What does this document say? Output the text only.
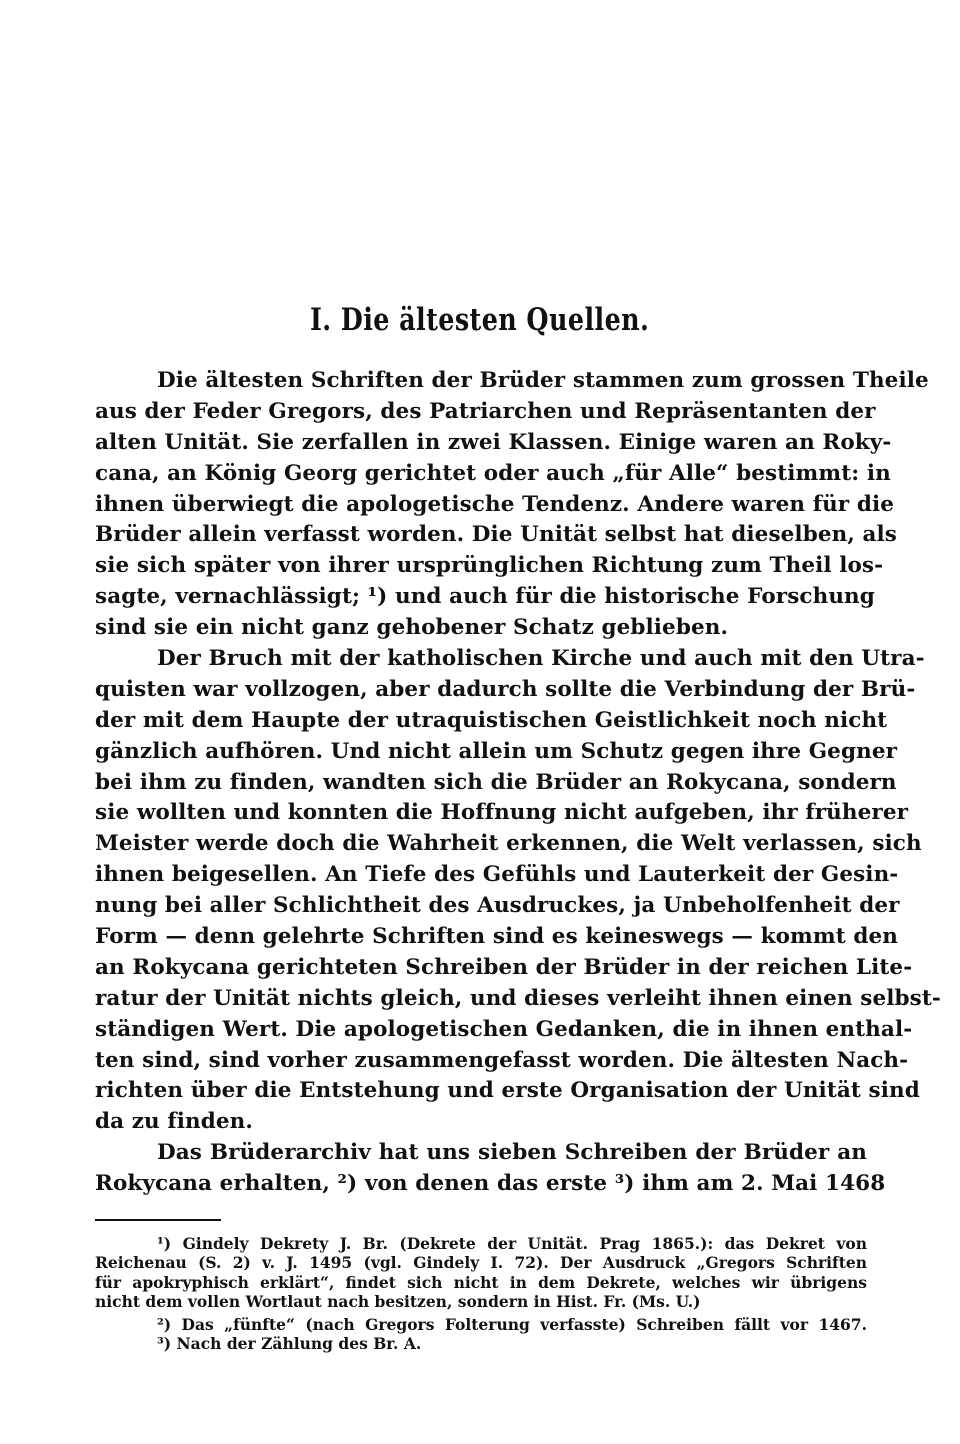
I. Die ältesten Quellen.
Die ältesten Schriften der Brüder stammen zum grossen Theile
aus der Feder Gregors, des Patriarchen und Repräsentanten der
alten Unität. Sie zerfallen in zwei Klassen. Einige waren an Roky-
cana, an König Georg gerichtet oder auch „für Alle“ bestimmt: in
ihnen überwiegt die apologetische Tendenz. Andere waren für die
Brüder allein verfasst worden. Die Unität selbst hat dieselben, als
sie sich später von ihrer ursprünglichen Richtung zum Theil los-
sagte, vernachlässigt; ¹) und auch für die historische Forschung
sind sie ein nicht ganz gehobener Schatz geblieben.
Der Bruch mit der katholischen Kirche und auch mit den Utra-
quisten war vollzogen, aber dadurch sollte die Verbindung der Brü-
der mit dem Haupte der utraquistischen Geistlichkeit noch nicht
gänzlich aufhören. Und nicht allein um Schutz gegen ihre Gegner
bei ihm zu finden, wandten sich die Brüder an Rokycana, sondern
sie wollten und konnten die Hoffnung nicht aufgeben, ihr früherer
Meister werde doch die Wahrheit erkennen, die Welt verlassen, sich
ihnen beigesellen. An Tiefe des Gefühls und Lauterkeit der Gesin-
nung bei aller Schlichtheit des Ausdruckes, ja Unbeholfenheit der
Form — denn gelehrte Schriften sind es keineswegs — kommt den
an Rokycana gerichteten Schreiben der Brüder in der reichen Lite-
ratur der Unität nichts gleich, und dieses verleiht ihnen einen selbst-
ständigen Wert. Die apologetischen Gedanken, die in ihnen enthal-
ten sind, sind vorher zusammengefasst worden. Die ältesten Nach-
richten über die Entstehung und erste Organisation der Unität sind
da zu finden.
Das Brüderarchiv hat uns sieben Schreiben der Brüder an
Rokycana erhalten, ²) von denen das erste ³) ihm am 2. Mai 1468
¹) Gindely Dekrety J. Br. (Dekrete der Unität. Prag 1865.): das Dekret von
Reichenau (S. 2) v. J. 1495 (vgl. Gindely I. 72). Der Ausdruck „Gregors Schriften
für apokryphisch erklärt“, findet sich nicht in dem Dekrete, welches wir übrigens
nicht dem vollen Wortlaut nach besitzen, sondern in Hist. Fr. (Ms. U.)
²) Das „fünfte“ (nach Gregors Folterung verfasste) Schreiben fällt vor 1467.
³) Nach der Zählung des Br. A.
